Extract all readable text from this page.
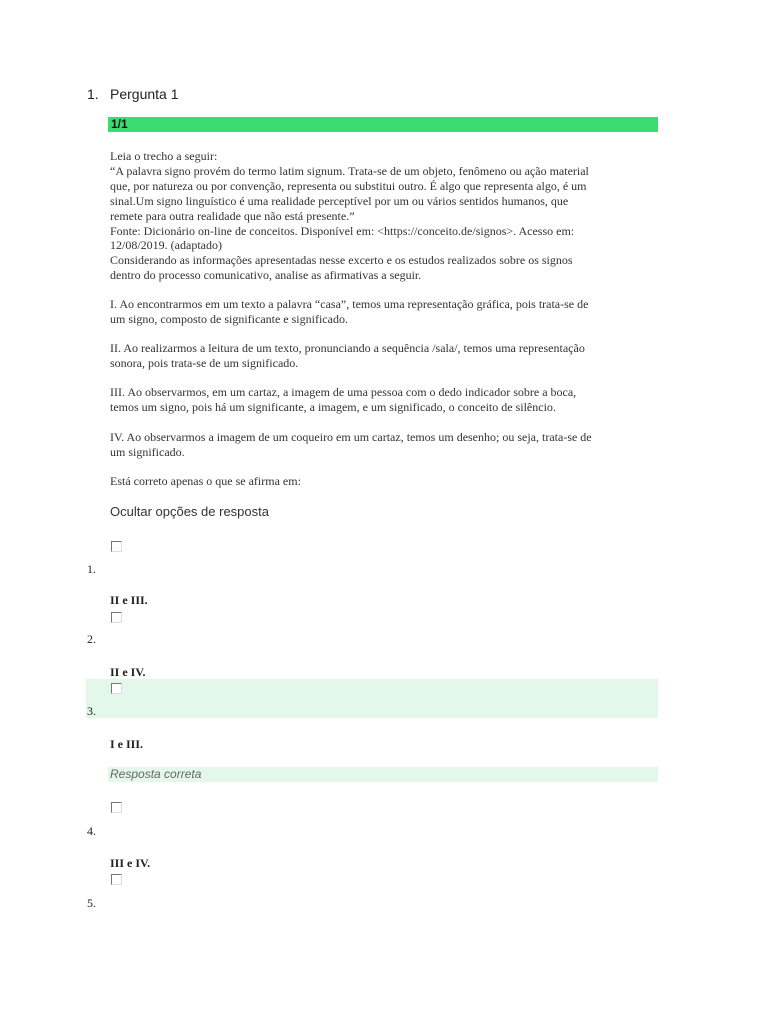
1. Pergunta 1
1/1
Leia o trecho a seguir:
“A palavra signo provém do termo latim signum. Trata-se de um objeto, fenômeno ou ação material
que, por natureza ou por convenção, representa ou substitui outro. É algo que representa algo, é um
sinal.Um signo linguístico é uma realidade perceptível por um ou vários sentidos humanos, que
remete para outra realidade que não está presente.”
Fonte: Dicionário on-line de conceitos. Disponível em: <https://conceito.de/signos>. Acesso em:
12/08/2019. (adaptado)
Considerando as informações apresentadas nesse excerto e os estudos realizados sobre os signos
dentro do processo comunicativo, analise as afirmativas a seguir.
I. Ao encontrarmos em um texto a palavra “casa”, temos uma representação gráfica, pois trata-se de
um signo, composto de significante e significado.
II. Ao realizarmos a leitura de um texto, pronunciando a sequência /sala/, temos uma representação
sonora, pois trata-se de um significado.
III. Ao observarmos, em um cartaz, a imagem de uma pessoa com o dedo indicador sobre a boca,
temos um signo, pois há um significante, a imagem, e um significado, o conceito de silêncio.
IV. Ao observarmos a imagem de um coqueiro em um cartaz, temos um desenho; ou seja, trata-se de
um significado.
Está correto apenas o que se afirma em:
Ocultar opções de resposta
1.
II e III.
2.
II e IV.
3.
I e III.
Resposta correta
4.
III e IV.
5.
